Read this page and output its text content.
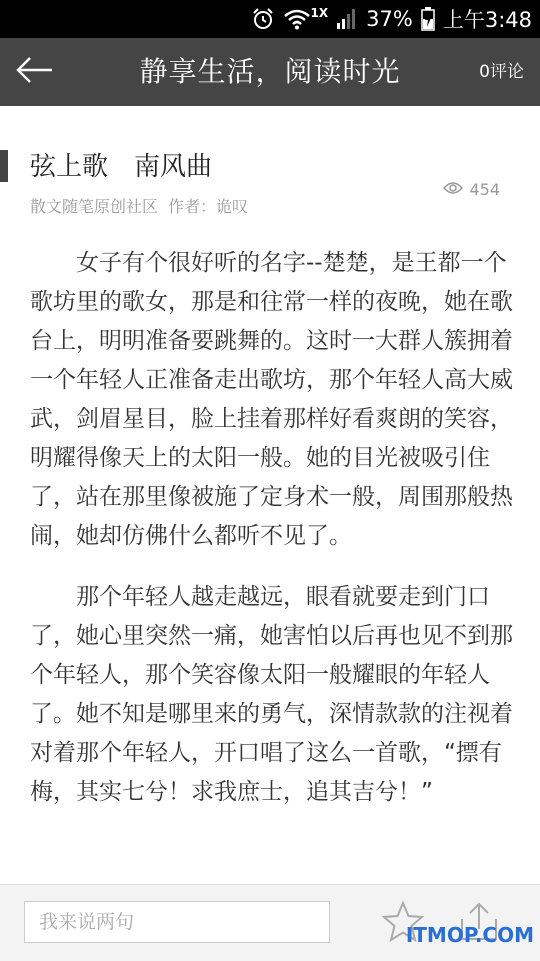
1X 37% 上午3:48
静享生活，阅读时光	0评论
弦上歌　南风曲
454
散文随笔原创社区 作者：诡叹

女子有个很好听的名字--楚楚，是王都一个歌坊里的歌女，那是和往常一样的夜晚，她在歌台上，明明准备要跳舞的。这时一大群人簇拥着一个年轻人正准备走出歌坊，那个年轻人高大威武，剑眉星目，脸上挂着那样好看爽朗的笑容，明耀得像天上的太阳一般。她的目光被吸引住了，站在那里像被施了定身术一般，周围那般热闹，她却仿佛什么都听不见了。

那个年轻人越走越远，眼看就要走到门口了，她心里突然一痛，她害怕以后再也见不到那个年轻人，那个笑容像太阳一般耀眼的年轻人了。她不知是哪里来的勇气，深情款款的注视着对着那个年轻人，开口唱了这么一首歌，“摽有梅，其实七兮！求我庶士，追其吉兮！”

我来说两句
ITMOP.COM
